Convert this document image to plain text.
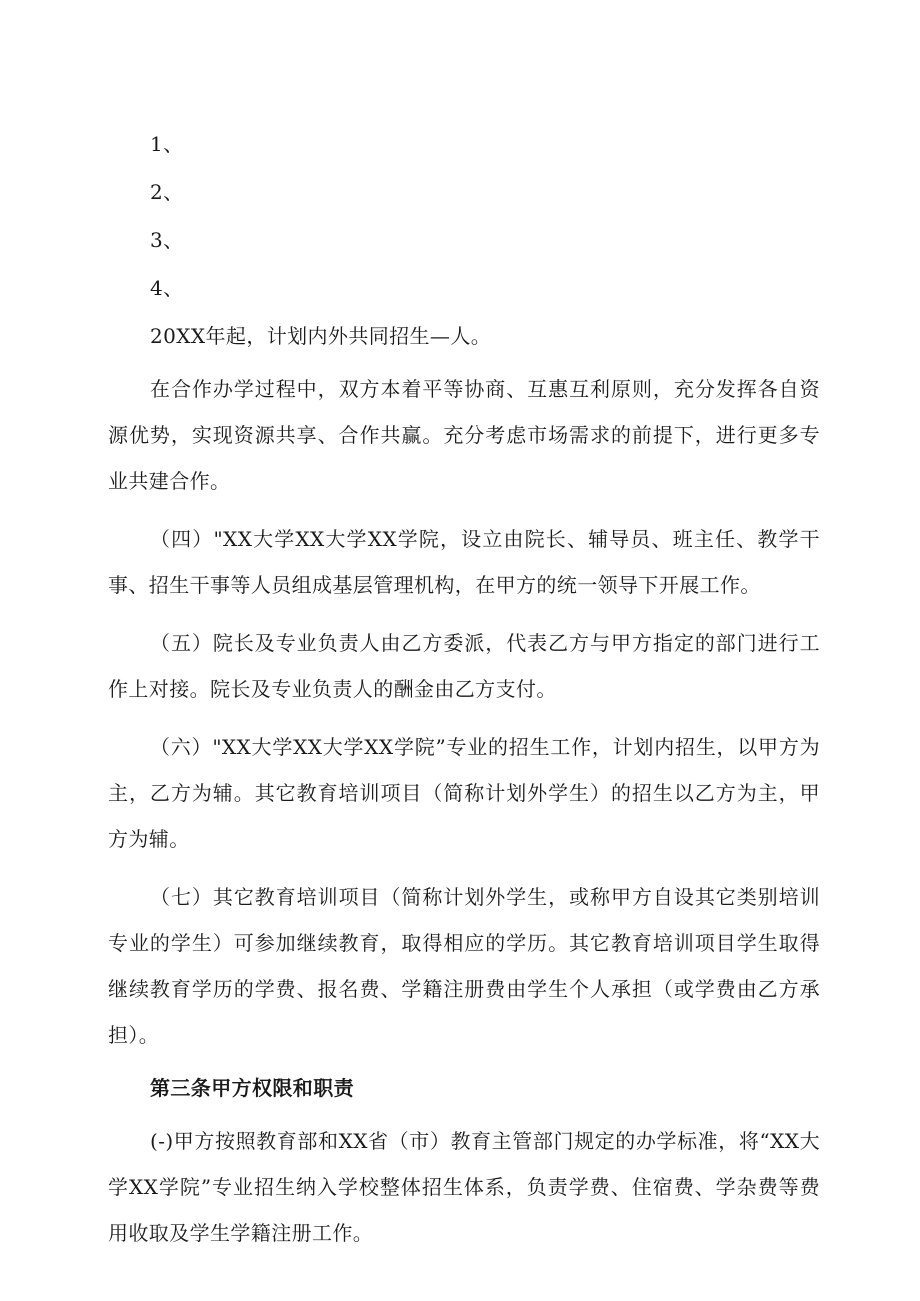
1、
2、
3、
4、
20XX年起，计划内外共同招生—人。
在合作办学过程中，双方本着平等协商、互惠互利原则，充分发挥各自资源优势，实现资源共享、合作共赢。充分考虑市场需求的前提下，进行更多专业共建合作。
（四）"XX大学XX大学XX学院，设立由院长、辅导员、班主任、教学干事、招生干事等人员组成基层管理机构，在甲方的统一领导下开展工作。
（五）院长及专业负责人由乙方委派，代表乙方与甲方指定的部门进行工作上对接。院长及专业负责人的酬金由乙方支付。
（六）"XX大学XX大学XX学院”专业的招生工作，计划内招生，以甲方为主，乙方为辅。其它教育培训项目（简称计划外学生）的招生以乙方为主，甲方为辅。
（七）其它教育培训项目（简称计划外学生，或称甲方自设其它类别培训专业的学生）可参加继续教育，取得相应的学历。其它教育培训项目学生取得继续教育学历的学费、报名费、学籍注册费由学生个人承担（或学费由乙方承担）。
第三条甲方权限和职责
(-)甲方按照教育部和XX省（市）教育主管部门规定的办学标准，将“XX大学XX学院”专业招生纳入学校整体招生体系，负责学费、住宿费、学杂费等费用收取及学生学籍注册工作。
